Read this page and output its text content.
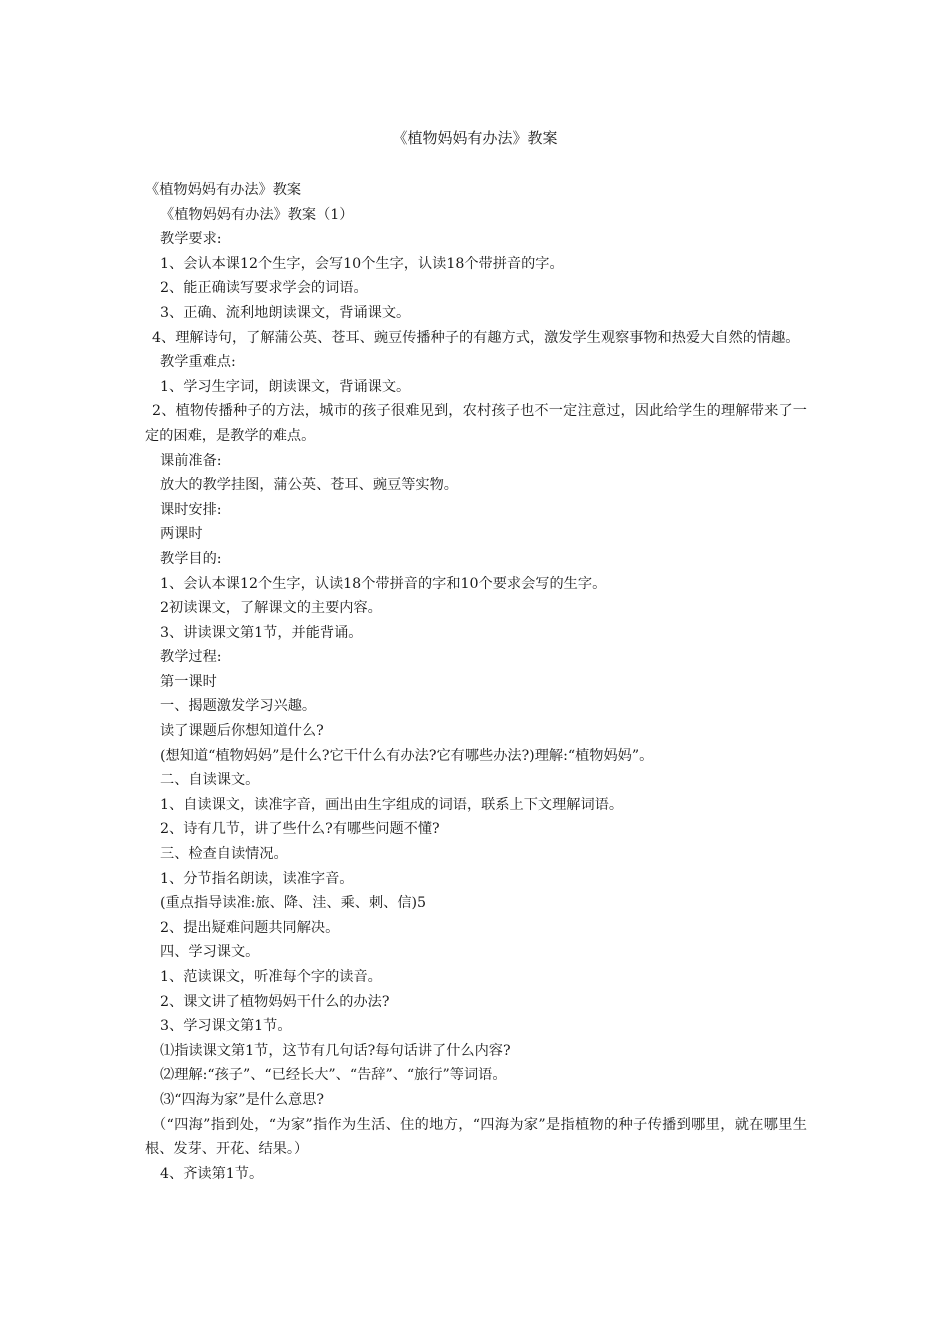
《植物妈妈有办法》教案

《植物妈妈有办法》教案

《植物妈妈有办法》教案（1）

教学要求:

1、会认本课12个生字，会写10个生字，认读18个带拼音的字。

2、能正确读写要求学会的词语。

3、正确、流利地朗读课文，背诵课文。

4、理解诗句，了解蒲公英、苍耳、豌豆传播种子的有趣方式，激发学生观察事物和热爱大自然的情趣。

教学重难点:

1、学习生字词，朗读课文，背诵课文。

2、植物传播种子的方法，城市的孩子很难见到，农村孩子也不一定注意过，因此给学生的理解带来了一定的困难，是教学的难点。

课前准备:

放大的教学挂图，蒲公英、苍耳、豌豆等实物。

课时安排:

两课时

教学目的:

1、会认本课12个生字，认读18个带拼音的字和10个要求会写的生字。

2初读课文，了解课文的主要内容。

3、讲读课文第1节，并能背诵。

教学过程:

第一课时

一、揭题激发学习兴趣。

读了课题后你想知道什么?

(想知道“植物妈妈”是什么?它干什么有办法?它有哪些办法?)理解:“植物妈妈”。

二、自读课文。

1、自读课文，读准字音，画出由生字组成的词语，联系上下文理解词语。

2、诗有几节，讲了些什么?有哪些问题不懂?

三、检查自读情况。

1、分节指名朗读，读准字音。

(重点指导读准:旅、降、洼、乘、刺、信)5

2、提出疑难问题共同解决。

四、学习课文。

1、范读课文，听准每个字的读音。

2、课文讲了植物妈妈干什么的办法?

3、学习课文第1节。

⑴指读课文第1节，这节有几句话?每句话讲了什么内容?

⑵理解:“孩子”、“已经长大”、“告辞”、“旅行”等词语。

⑶“四海为家”是什么意思?

（“四海”指到处，“为家”指作为生活、住的地方，“四海为家”是指植物的种子传播到哪里，就在哪里生根、发芽、开花、结果。）

4、齐读第1节。
